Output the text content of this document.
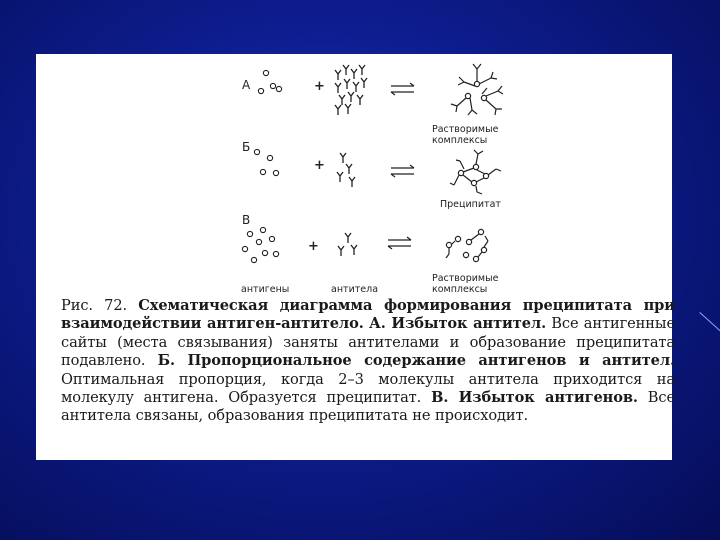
А
Б
В
+
+
+
Растворимые комплексы
Преципитат
Растворимые комплексы
антигены	антитела
Рис. 72. Схематическая диаграмма формирования преципитата при взаимодействии антиген-антитело. А. Избыток антител. Все антигенные сайты (места связывания) заняты антителами и образование преципитата подавлено. Б. Пропорциональное содержание антигенов и антител. Оптимальная пропорция, когда 2–3 молекулы антитела приходится на молекулу антигена. Образуется преципитат. В. Избыток антигенов. Все антитела связаны, образования преципитата не происходит.
